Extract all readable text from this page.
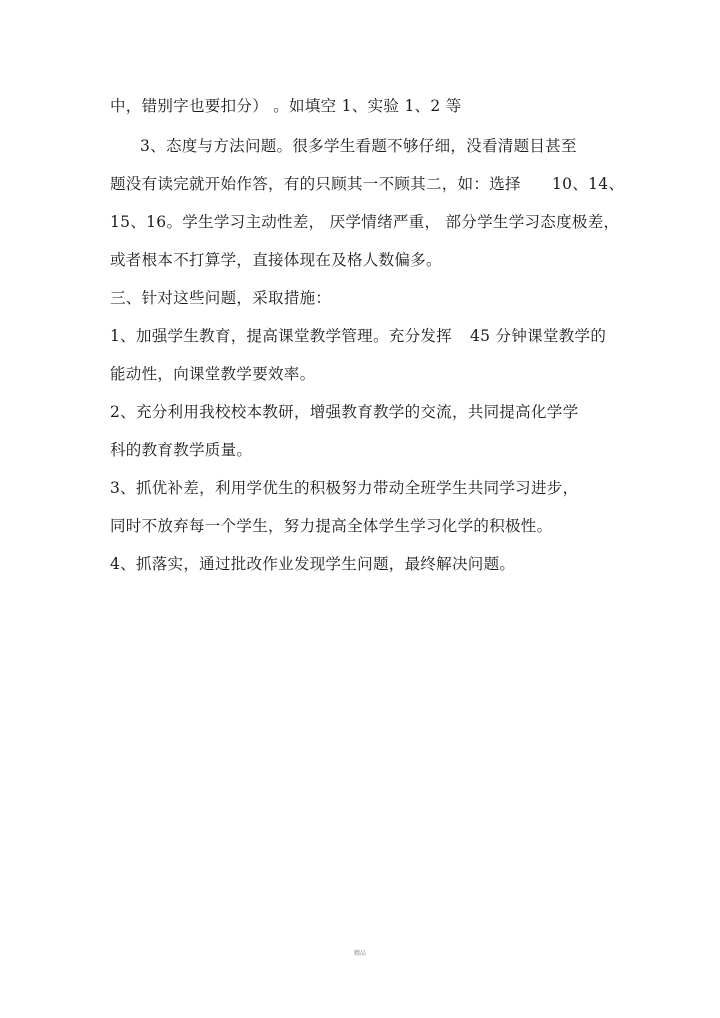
中，错别字也要扣分） 。如填空 1、实验 1、2 等
3、态度与方法问题。很多学生看题不够仔细，没看清题目甚至
题没有读完就开始作答，有的只顾其一不顾其二，如：选择 10、14、
15、16。学生学习主动性差， 厌学情绪严重， 部分学生学习态度极差，
或者根本不打算学，直接体现在及格人数偏多。
三、针对这些问题，采取措施：
1、加强学生教育，提高课堂教学管理。充分发挥 45 分钟课堂教学的
能动性，向课堂教学要效率。
2、充分利用我校校本教研，增强教育教学的交流，共同提高化学学
科的教育教学质量。
3、抓优补差，利用学优生的积极努力带动全班学生共同学习进步，
同时不放弃每一个学生，努力提高全体学生学习化学的积极性。
4、抓落实，通过批改作业发现学生问题，最终解决问题。
精品
